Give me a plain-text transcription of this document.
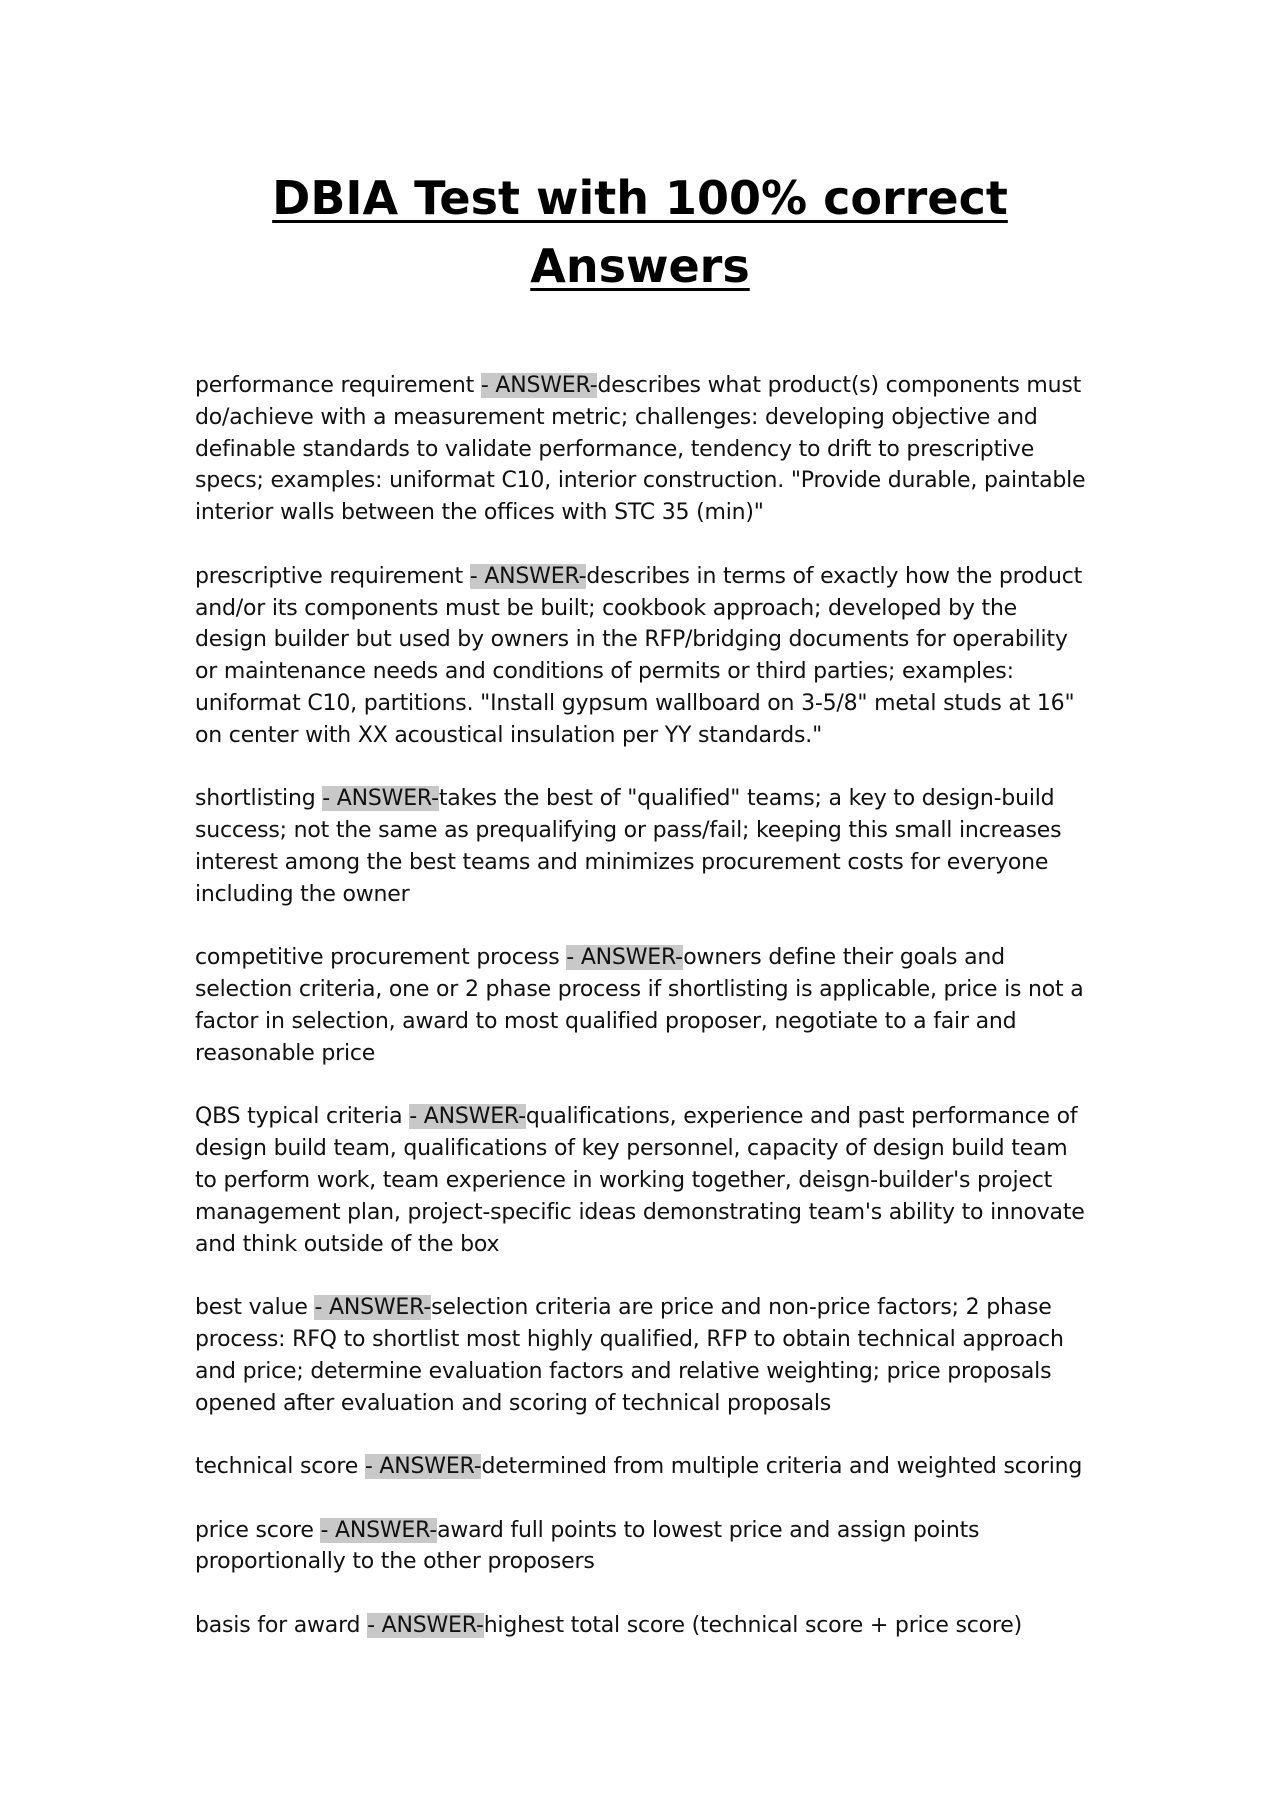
DBIA Test with 100% correct
Answers

performance requirement - ANSWER-describes what product(s) components must do/achieve with a measurement metric; challenges: developing objective and definable standards to validate performance, tendency to drift to prescriptive specs; examples: uniformat C10, interior construction. "Provide durable, paintable interior walls between the offices with STC 35 (min)"

prescriptive requirement - ANSWER-describes in terms of exactly how the product and/or its components must be built; cookbook approach; developed by the design builder but used by owners in the RFP/bridging documents for operability or maintenance needs and conditions of permits or third parties; examples: uniformat C10, partitions. "Install gypsum wallboard on 3-5/8" metal studs at 16" on center with XX acoustical insulation per YY standards."

shortlisting - ANSWER-takes the best of "qualified" teams; a key to design-build success; not the same as prequalifying or pass/fail; keeping this small increases interest among the best teams and minimizes procurement costs for everyone including the owner

competitive procurement process - ANSWER-owners define their goals and selection criteria, one or 2 phase process if shortlisting is applicable, price is not a factor in selection, award to most qualified proposer, negotiate to a fair and reasonable price

QBS typical criteria - ANSWER-qualifications, experience and past performance of design build team, qualifications of key personnel, capacity of design build team to perform work, team experience in working together, deisgn-builder's project management plan, project-specific ideas demonstrating team's ability to innovate and think outside of the box

best value - ANSWER-selection criteria are price and non-price factors; 2 phase process: RFQ to shortlist most highly qualified, RFP to obtain technical approach and price; determine evaluation factors and relative weighting; price proposals opened after evaluation and scoring of technical proposals

technical score - ANSWER-determined from multiple criteria and weighted scoring

price score - ANSWER-award full points to lowest price and assign points proportionally to the other proposers

basis for award - ANSWER-highest total score (technical score + price score)
